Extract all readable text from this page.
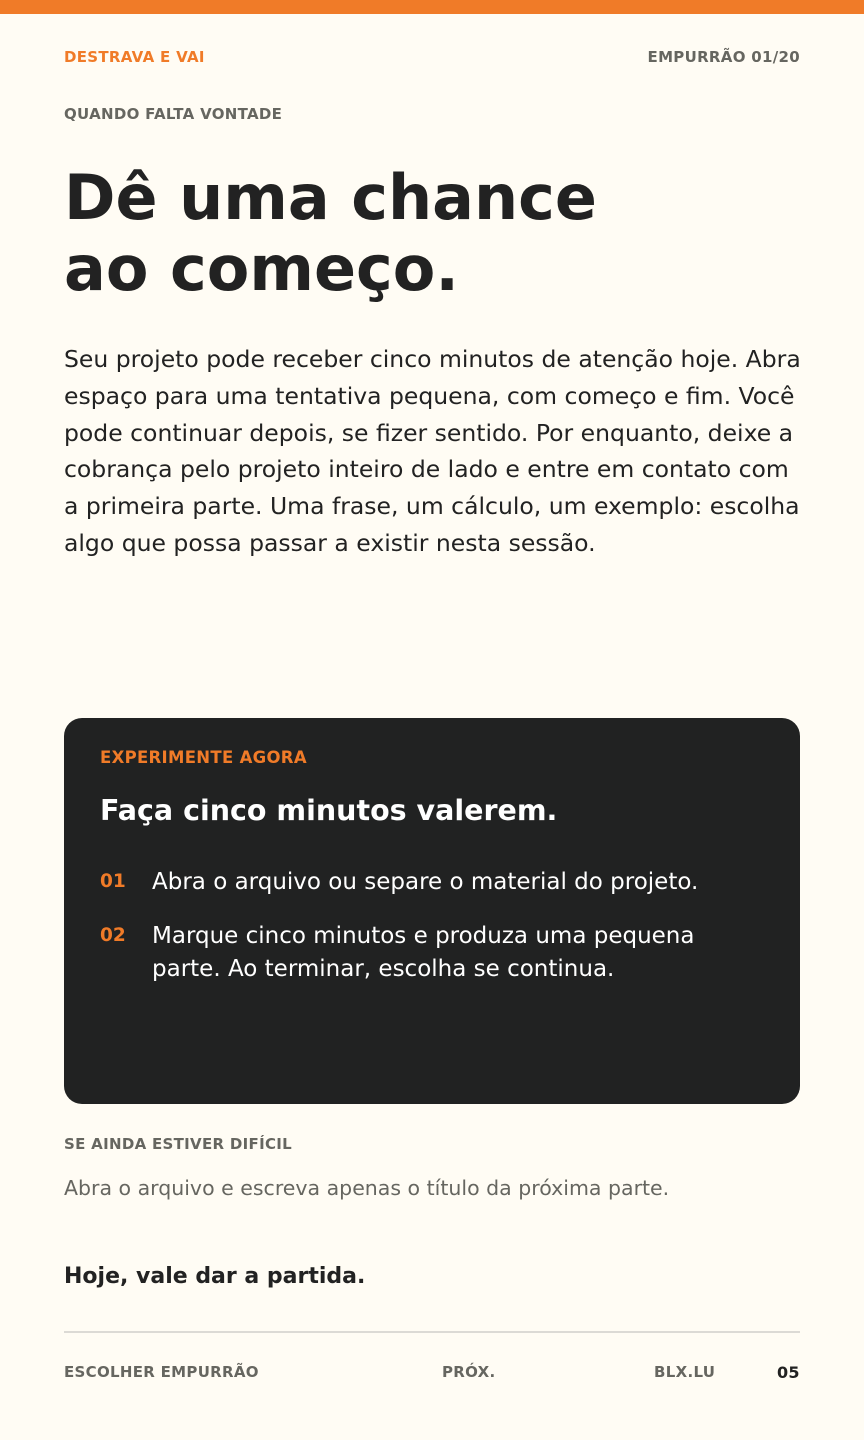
DESTRAVA E VAI	EMPURRÃO 01/20
QUANDO FALTA VONTADE
Dê uma chance
ao começo.

Seu projeto pode receber cinco minutos de atenção hoje. Abra espaço para uma tentativa pequena, com começo e fim. Você pode continuar depois, se fizer sentido. Por enquanto, deixe a cobrança pelo projeto inteiro de lado e entre em contato com a primeira parte. Uma frase, um cálculo, um exemplo: escolha algo que possa passar a existir nesta sessão.

EXPERIMENTE AGORA
Faça cinco minutos valerem.
01 Abra o arquivo ou separe o material do projeto.
02 Marque cinco minutos e produza uma pequena parte. Ao terminar, escolha se continua.
SE AINDA ESTIVER DIFÍCIL
Abra o arquivo e escreva apenas o título da próxima parte.
Hoje, vale dar a partida.
ESCOLHER EMPURRÃO	PRÓX.	BLX.LU	05
